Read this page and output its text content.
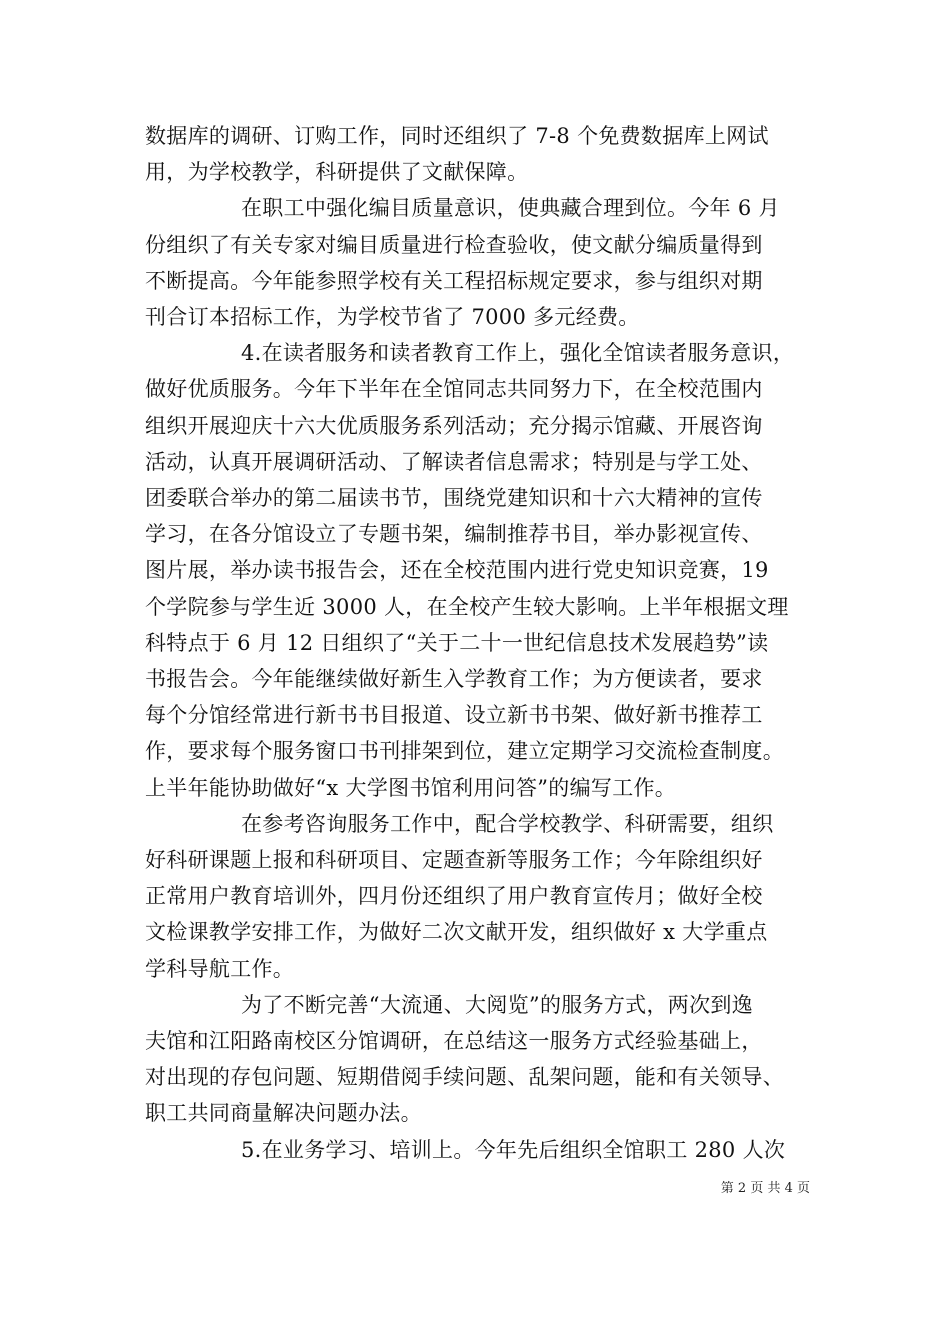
数据库的调研、订购工作，同时还组织了 7-8 个免费数据库上网试
用，为学校教学，科研提供了文献保障。
在职工中强化编目质量意识，使典藏合理到位。今年 6 月
份组织了有关专家对编目质量进行检查验收，使文献分编质量得到
不断提高。今年能参照学校有关工程招标规定要求，参与组织对期
刊合订本招标工作，为学校节省了 7000 多元经费。
4.在读者服务和读者教育工作上，强化全馆读者服务意识，
做好优质服务。今年下半年在全馆同志共同努力下，在全校范围内
组织开展迎庆十六大优质服务系列活动；充分揭示馆藏、开展咨询
活动，认真开展调研活动、了解读者信息需求；特别是与学工处、
团委联合举办的第二届读书节，围绕党建知识和十六大精神的宣传
学习，在各分馆设立了专题书架，编制推荐书目，举办影视宣传、
图片展，举办读书报告会，还在全校范围内进行党史知识竞赛，19
个学院参与学生近 3000 人，在全校产生较大影响。上半年根据文理
科特点于 6 月 12 日组织了“关于二十一世纪信息技术发展趋势”读
书报告会。今年能继续做好新生入学教育工作；为方便读者，要求
每个分馆经常进行新书书目报道、设立新书书架、做好新书推荐工
作，要求每个服务窗口书刊排架到位，建立定期学习交流检查制度。
上半年能协助做好“x 大学图书馆利用问答”的编写工作。
在参考咨询服务工作中，配合学校教学、科研需要，组织
好科研课题上报和科研项目、定题查新等服务工作；今年除组织好
正常用户教育培训外，四月份还组织了用户教育宣传月；做好全校
文检课教学安排工作，为做好二次文献开发，组织做好 x 大学重点
学科导航工作。
为了不断完善“大流通、大阅览”的服务方式，两次到逸
夫馆和江阳路南校区分馆调研，在总结这一服务方式经验基础上，
对出现的存包问题、短期借阅手续问题、乱架问题，能和有关领导、
职工共同商量解决问题办法。
5.在业务学习、培训上。今年先后组织全馆职工 280 人次
第 2 页 共 4 页
